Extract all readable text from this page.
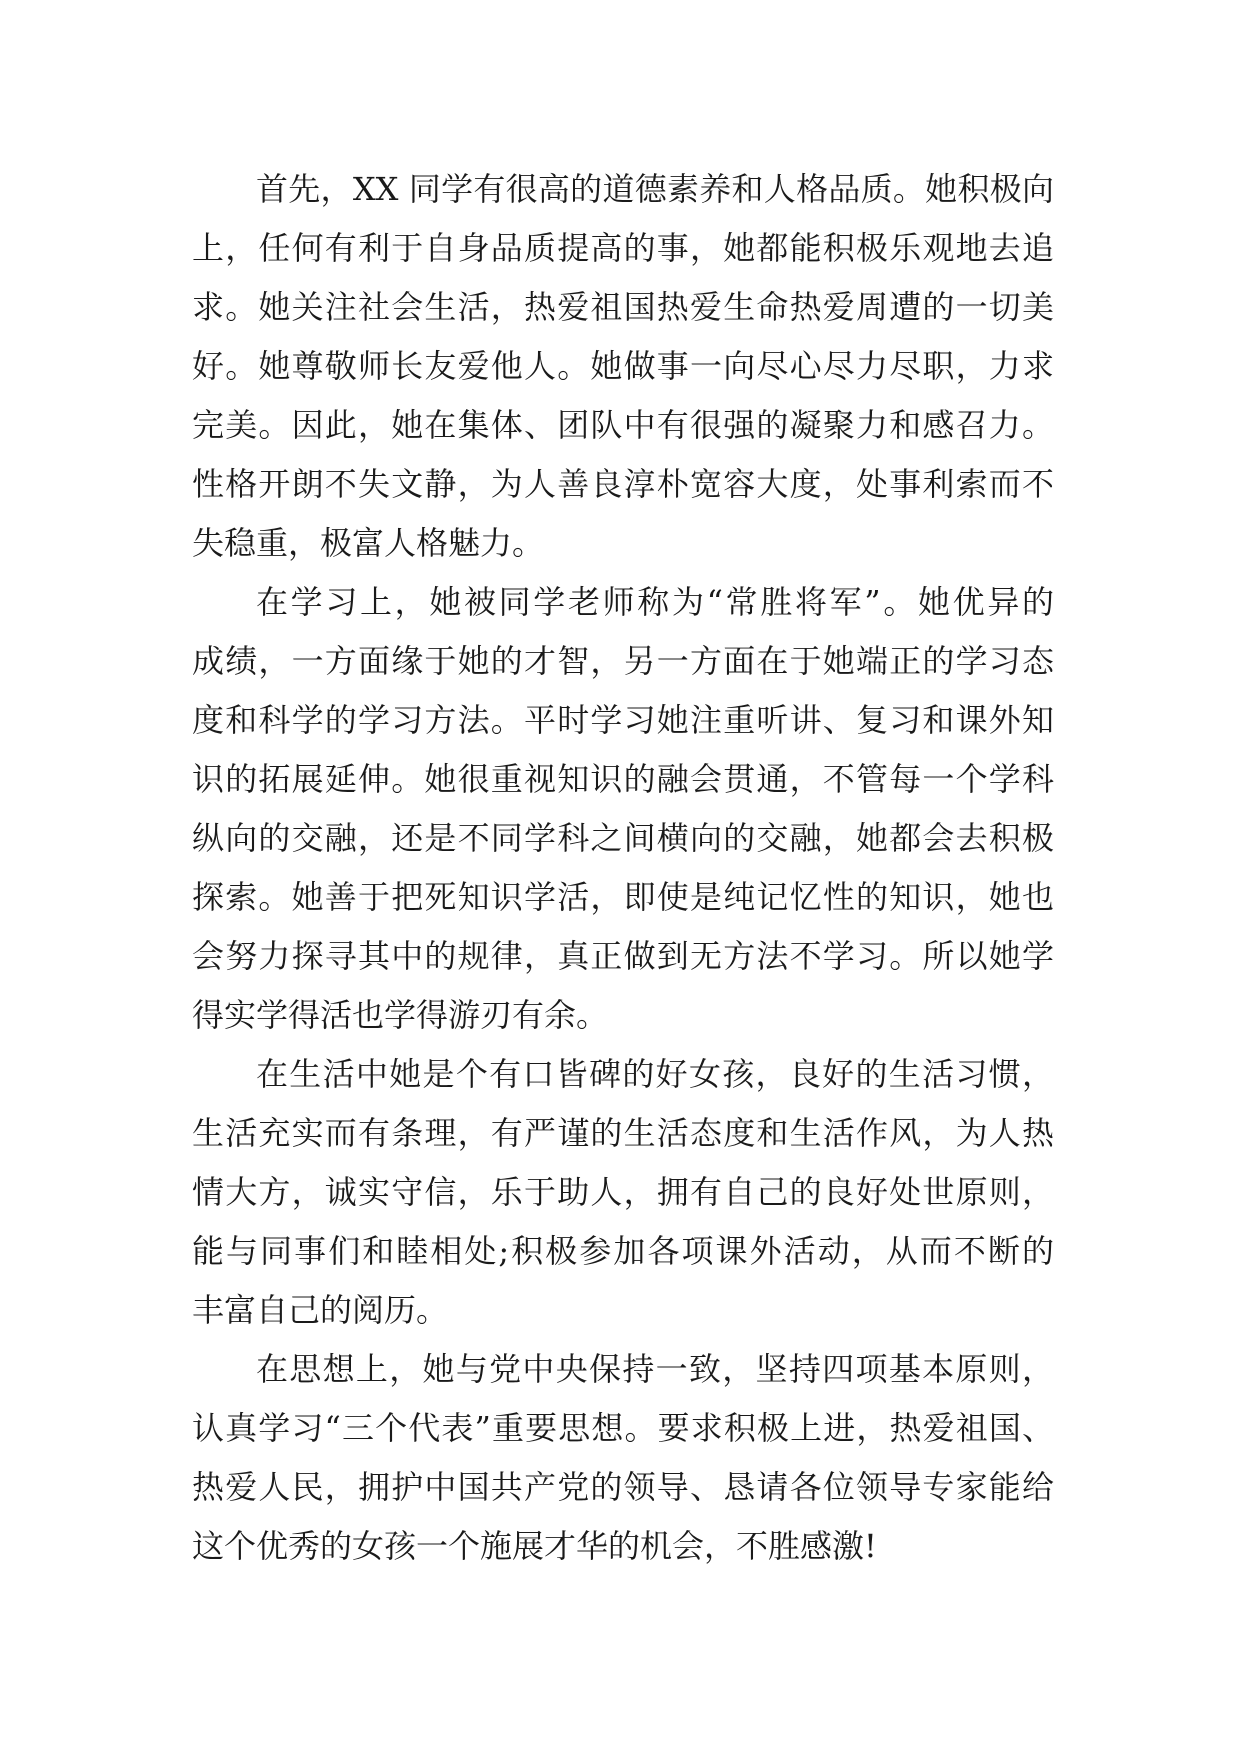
首先，XX 同学有很高的道德素养和人格品质。她积极向
上，任何有利于自身品质提高的事，她都能积极乐观地去追
求。她关注社会生活，热爱祖国热爱生命热爱周遭的一切美
好。她尊敬师长友爱他人。她做事一向尽心尽力尽职，力求
完美。因此，她在集体、团队中有很强的凝聚力和感召力。
性格开朗不失文静，为人善良淳朴宽容大度，处事利索而不
失稳重，极富人格魅力。
在学习上，她被同学老师称为“常胜将军”。她优异的
成绩，一方面缘于她的才智，另一方面在于她端正的学习态
度和科学的学习方法。平时学习她注重听讲、复习和课外知
识的拓展延伸。她很重视知识的融会贯通，不管每一个学科
纵向的交融，还是不同学科之间横向的交融，她都会去积极
探索。她善于把死知识学活，即使是纯记忆性的知识，她也
会努力探寻其中的规律，真正做到无方法不学习。所以她学
得实学得活也学得游刃有余。
在生活中她是个有口皆碑的好女孩，良好的生活习惯，
生活充实而有条理，有严谨的生活态度和生活作风，为人热
情大方，诚实守信，乐于助人，拥有自己的良好处世原则，
能与同事们和睦相处;积极参加各项课外活动，从而不断的
丰富自己的阅历。
在思想上，她与党中央保持一致，坚持四项基本原则，
认真学习“三个代表”重要思想。要求积极上进，热爱祖国、
热爱人民，拥护中国共产党的领导、恳请各位领导专家能给
这个优秀的女孩一个施展才华的机会，不胜感激!
